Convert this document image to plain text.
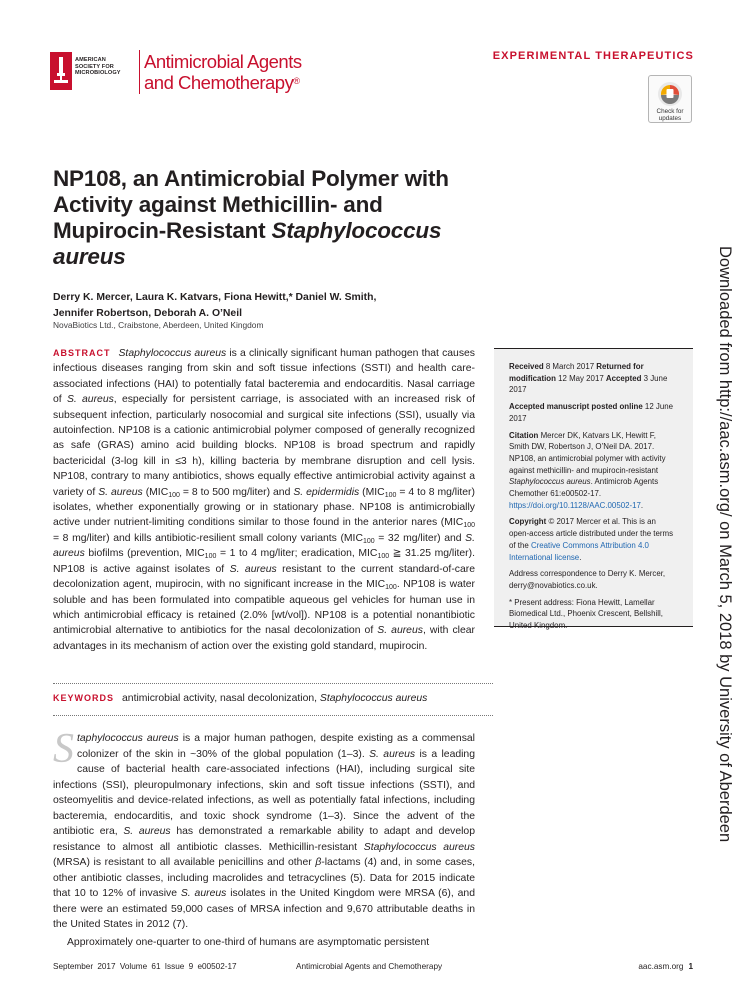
AMERICAN
SOCIETY FOR
MICROBIOLOGY
Antimicrobial Agents
and Chemotherapy®
EXPERIMENTAL THERAPEUTICS
Check for
updates
NP108, an Antimicrobial Polymer with
Activity against Methicillin- and
Mupirocin-Resistant Staphylococcus
aureus
Derry K. Mercer, Laura K. Katvars, Fiona Hewitt,* Daniel W. Smith,
Jennifer Robertson, Deborah A. O’Neil
NovaBiotics Ltd., Craibstone, Aberdeen, United Kingdom
ABSTRACT Staphylococcus aureus is a clinically significant human pathogen that causes infectious diseases ranging from skin and soft tissue infections (SSTI) and health care-associated infections (HAI) to potentially fatal bacteremia and endocarditis. Nasal carriage of S. aureus, especially for persistent carriage, is associated with an increased risk of subsequent infection, particularly nosocomial and surgical site infections (SSI), usually via autoinfection. NP108 is a cationic antimicrobial polymer composed of generally recognized as safe (GRAS) amino acid building blocks. NP108 is broad spectrum and rapidly bactericidal (3-log kill in ≤3 h), killing bacteria by membrane disruption and cell lysis. NP108, contrary to many antibiotics, shows equally effective antimicrobial activity against a variety of S. aureus ($MIC_{100} = 8$ to 500 mg/liter) and S. epidermidis ($MIC_{100} = 4$ to 8 mg/liter) isolates, whether exponentially growing or in stationary phase. NP108 is antimicrobially active under nutrient-limiting conditions similar to those found in the anterior nares ($MIC_{100} = 8$ mg/liter) and kills antibiotic-resilient small colony variants ($MIC_{100} = 32$ mg/liter) and S. aureus biofilms (prevention, $MIC_{100} = 1$ to 4 mg/liter; eradication, $MIC_{100}$ ≧ 31.25 mg/liter). NP108 is active against isolates of S. aureus resistant to the current standard-of-care decolonization agent, mupirocin, with no significant increase in the $MIC_{100}$. NP108 is water soluble and has been formulated into compatible aqueous gel vehicles for human use in which antimicrobial efficacy is retained (2.0% [wt/vol]). NP108 is a potential nonantibiotic antimicrobial alternative to antibiotics for the nasal decolonization of S. aureus, with clear advantages in its mechanism of action over the existing gold standard, mupirocin.
KEYWORDS antimicrobial activity, nasal decolonization, Staphylococcus aureus
Staphylococcus aureus is a major human pathogen, despite existing as a commensal colonizer of the skin in ~30% of the global population (1–3). S. aureus is a leading cause of bacterial health care-associated infections (HAI), including surgical site infections (SSI), pleuropulmonary infections, skin and soft tissue infections (SSTI), and osteomyelitis and device-related infections, as well as potentially fatal infections, including bacteremia, endocarditis, and toxic shock syndrome (1–3). Since the advent of the antibiotic era, S. aureus has demonstrated a remarkable ability to adapt and develop resistance to almost all antibiotic classes. Methicillin-resistant Staphylococcus aureus (MRSA) is resistant to all available penicillins and other β-lactams (4) and, in some cases, other antibiotic classes, including macrolides and tetracyclines (5). Data for 2015 indicate that 10 to 12% of invasive S. aureus isolates in the United Kingdom were MRSA (6), and there were an estimated 59,000 cases of MRSA infection and 9,670 attributable deaths in the United States in 2012 (7).
Approximately one-quarter to one-third of humans are asymptomatic persistent

Received 8 March 2017 Returned for modification 12 May 2017 Accepted 3 June 2017

Accepted manuscript posted online 12 June 2017

Citation Mercer DK, Katvars LK, Hewitt F, Smith DW, Robertson J, O’Neil DA. 2017. NP108, an antimicrobial polymer with activity against methicillin- and mupirocin-resistant Staphylococcus aureus. Antimicrob Agents Chemother 61:e00502-17. https://doi.org/10.1128/AAC.00502-17.

Copyright © 2017 Mercer et al. This is an open-access article distributed under the terms of the Creative Commons Attribution 4.0 International license.

Address correspondence to Derry K. Mercer, derry@novabiotics.co.uk.

* Present address: Fiona Hewitt, Lamellar Biomedical Ltd., Phoenix Crescent, Bellshill, United Kingdom.	Downloaded from http://aac.asm.org/ on March 5, 2018 by University of Aberdeen
September 2017 Volume 61 Issue 9 e00502-17	Antimicrobial Agents and Chemotherapy	aac.asm.org 1
